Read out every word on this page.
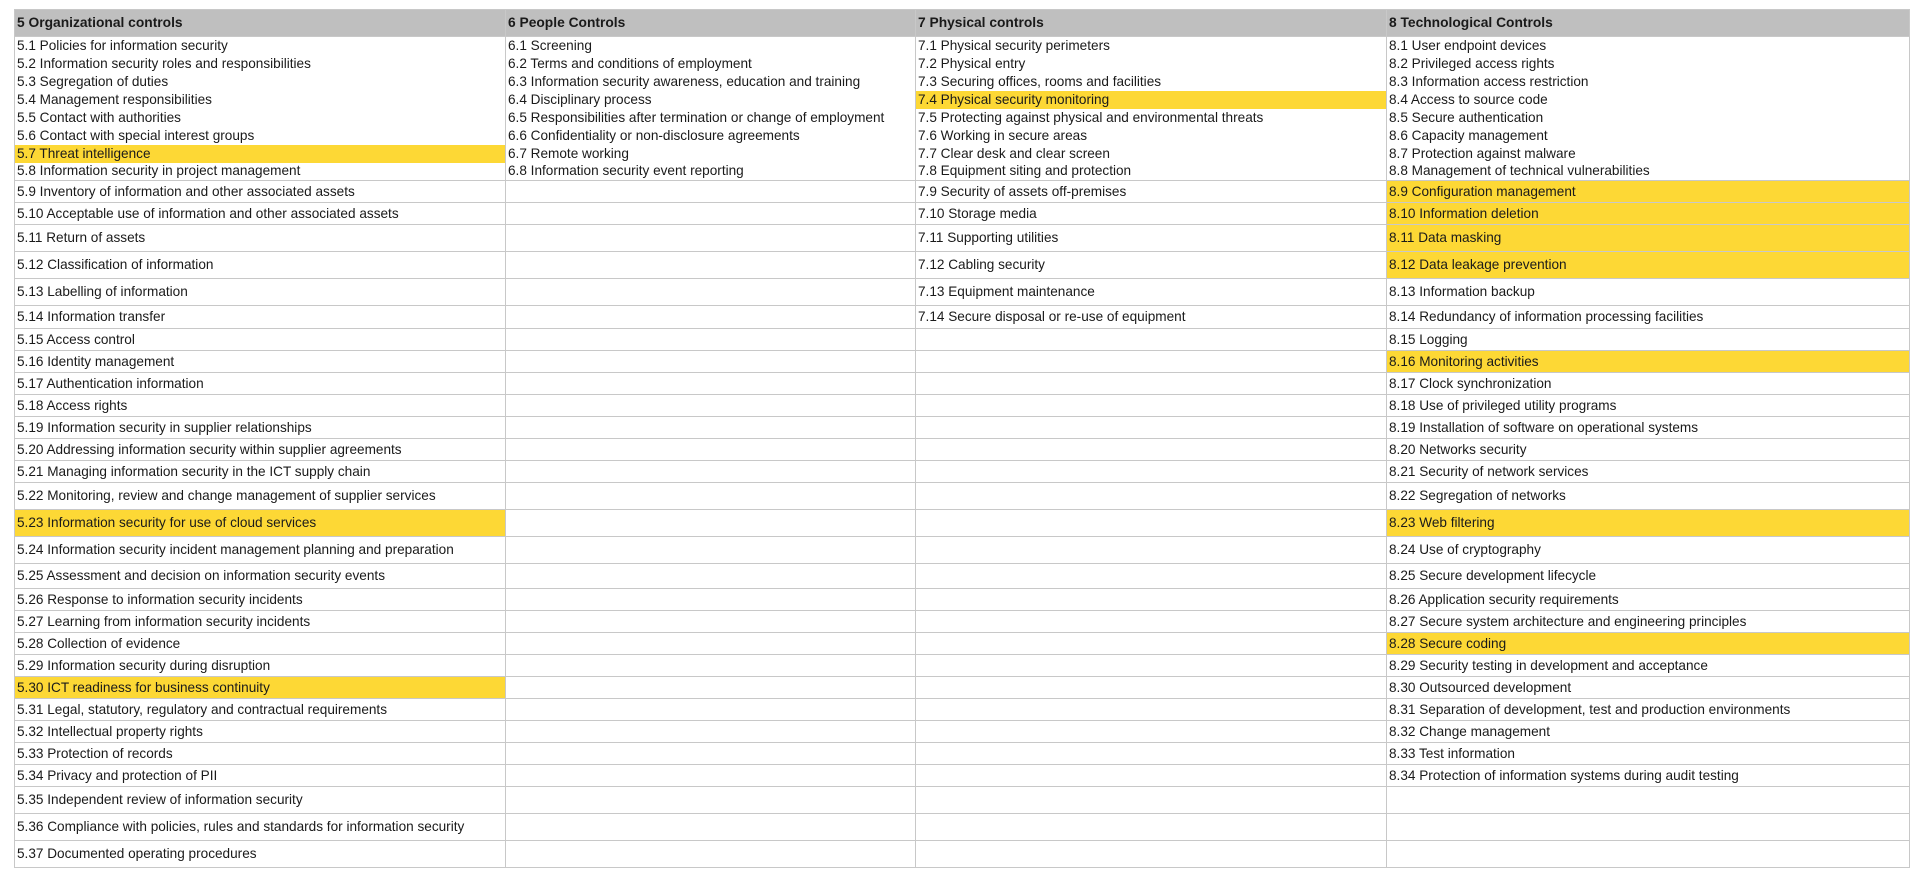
5 Organizational controls	6 People Controls	7 Physical controls	8 Technological Controls
5.1 Policies for information security	6.1 Screening	7.1 Physical security perimeters	8.1 User endpoint devices
5.2 Information security roles and responsibilities	6.2 Terms and conditions of employment	7.2 Physical entry	8.2 Privileged access rights
5.3 Segregation of duties	6.3 Information security awareness, education and training	7.3 Securing offices, rooms and facilities	8.3 Information access restriction
5.4 Management responsibilities	6.4 Disciplinary process	7.4 Physical security monitoring	8.4 Access to source code
5.5 Contact with authorities	6.5 Responsibilities after termination or change of employment	7.5 Protecting against physical and environmental threats	8.5 Secure authentication
5.6 Contact with special interest groups	6.6 Confidentiality or non-disclosure agreements	7.6 Working in secure areas	8.6 Capacity management
5.7 Threat intelligence	6.7 Remote working	7.7 Clear desk and clear screen	8.7 Protection against malware
5.8 Information security in project management	6.8 Information security event reporting	7.8 Equipment siting and protection	8.8 Management of technical vulnerabilities
5.9 Inventory of information and other associated assets		7.9 Security of assets off-premises	8.9 Configuration management
5.10 Acceptable use of information and other associated assets		7.10 Storage media	8.10 Information deletion
5.11 Return of assets		7.11 Supporting utilities	8.11 Data masking
5.12 Classification of information		7.12 Cabling security	8.12 Data leakage prevention
5.13 Labelling of information		7.13 Equipment maintenance	8.13 Information backup
5.14 Information transfer		7.14 Secure disposal or re-use of equipment	8.14 Redundancy of information processing facilities
5.15 Access control			8.15 Logging
5.16 Identity management			8.16 Monitoring activities
5.17 Authentication information			8.17 Clock synchronization
5.18 Access rights			8.18 Use of privileged utility programs
5.19 Information security in supplier relationships			8.19 Installation of software on operational systems
5.20 Addressing information security within supplier agreements			8.20 Networks security
5.21 Managing information security in the ICT supply chain			8.21 Security of network services
5.22 Monitoring, review and change management of supplier services			8.22 Segregation of networks
5.23 Information security for use of cloud services			8.23 Web filtering
5.24 Information security incident management planning and preparation			8.24 Use of cryptography
5.25 Assessment and decision on information security events			8.25 Secure development lifecycle
5.26 Response to information security incidents			8.26 Application security requirements
5.27 Learning from information security incidents			8.27 Secure system architecture and engineering principles
5.28 Collection of evidence			8.28 Secure coding
5.29 Information security during disruption			8.29 Security testing in development and acceptance
5.30 ICT readiness for business continuity			8.30 Outsourced development
5.31 Legal, statutory, regulatory and contractual requirements			8.31 Separation of development, test and production environments
5.32 Intellectual property rights			8.32 Change management
5.33 Protection of records			8.33 Test information
5.34 Privacy and protection of PII			8.34 Protection of information systems during audit testing
5.35 Independent review of information security			
5.36 Compliance with policies, rules and standards for information security			
5.37 Documented operating procedures			
